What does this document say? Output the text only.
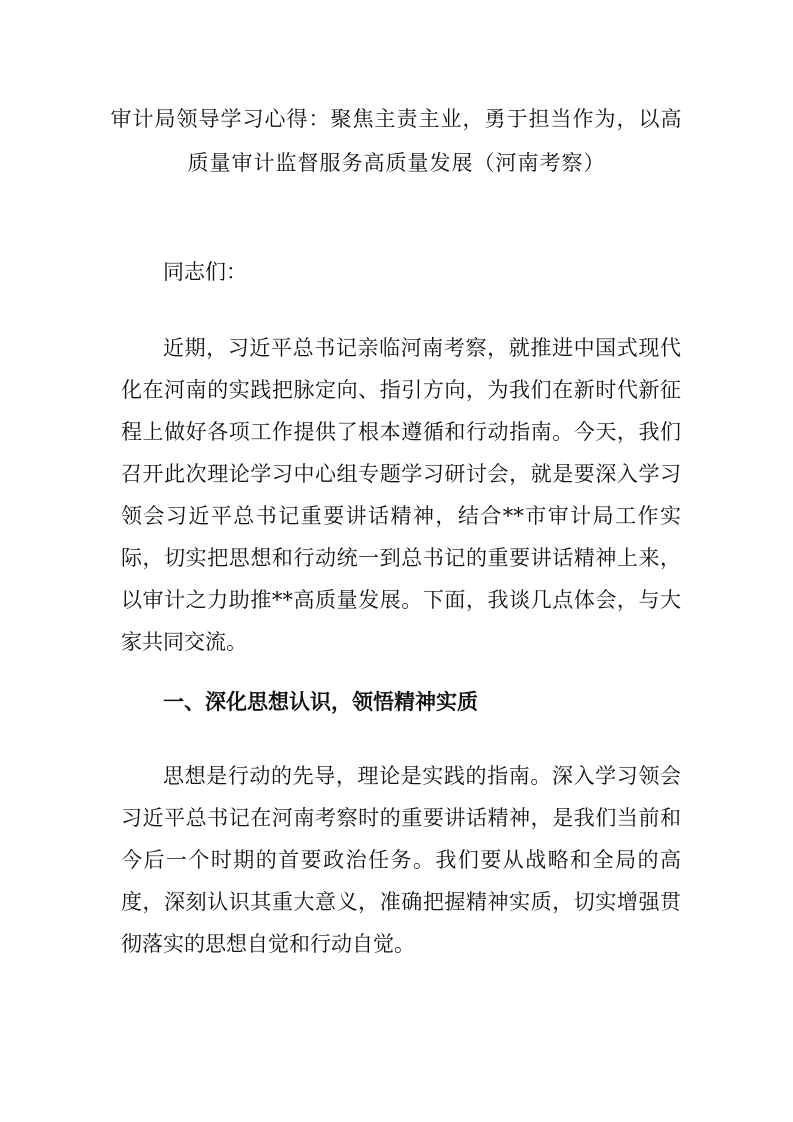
审计局领导学习心得：聚焦主责主业，勇于担当作为，以高
质量审计监督服务高质量发展（河南考察）

同志们：

近期，习近平总书记亲临河南考察，就推进中国式现代化在河南的实践把脉定向、指引方向，为我们在新时代新征程上做好各项工作提供了根本遵循和行动指南。今天，我们召开此次理论学习中心组专题学习研讨会，就是要深入学习领会习近平总书记重要讲话精神，结合**市审计局工作实际，切实把思想和行动统一到总书记的重要讲话精神上来，以审计之力助推**高质量发展。下面，我谈几点体会，与大家共同交流。

一、深化思想认识，领悟精神实质

思想是行动的先导，理论是实践的指南。深入学习领会习近平总书记在河南考察时的重要讲话精神，是我们当前和今后一个时期的首要政治任务。我们要从战略和全局的高度，深刻认识其重大意义，准确把握精神实质，切实增强贯彻落实的思想自觉和行动自觉。
